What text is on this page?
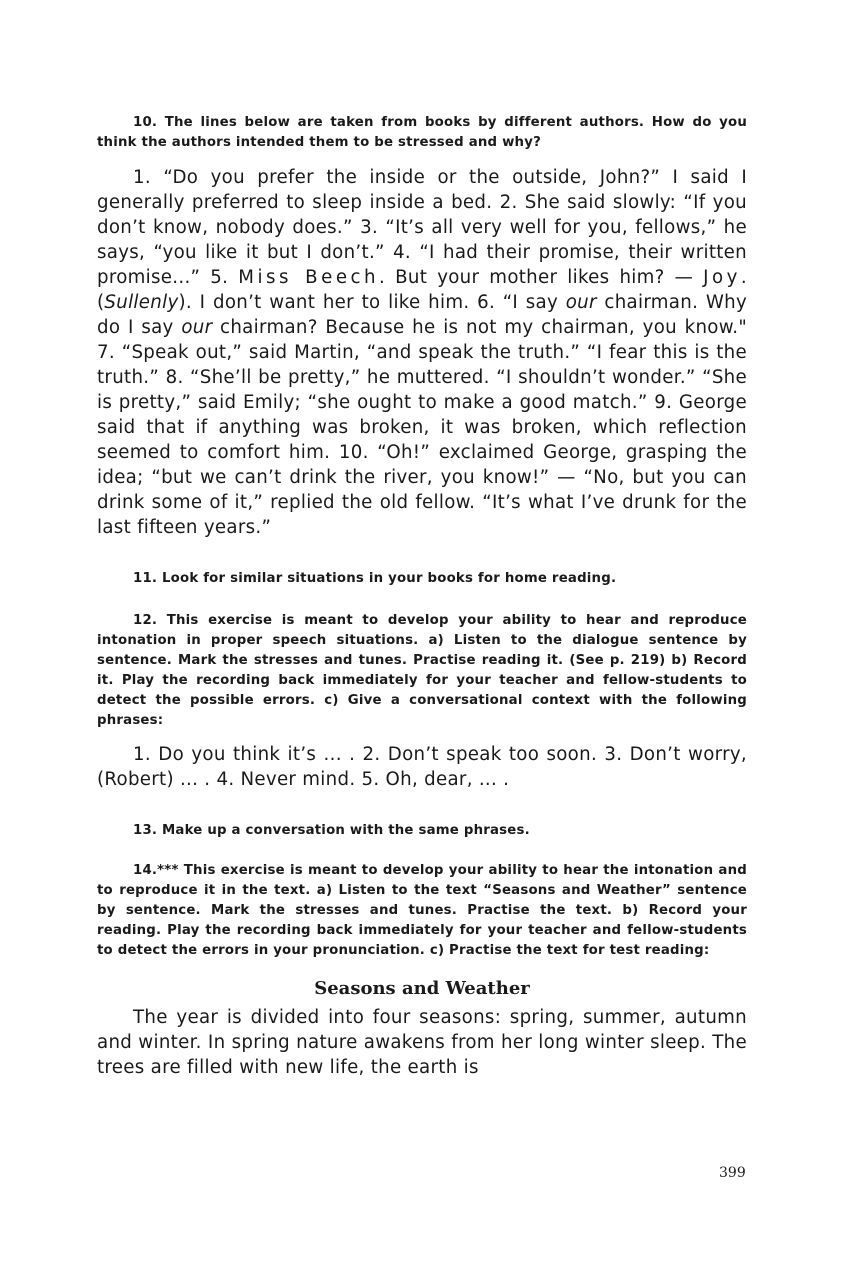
10. The lines below are taken from books by different authors. How do you think the authors intended them to be stressed and why?

1. “Do you prefer the inside or the outside, John?” I said I generally preferred to sleep inside a bed. 2. She said slowly: “If you don’t know, nobody does.” 3. “It’s all very well for you, fellows,” he says, “you like it but I don’t.” 4. “I had their promise, their written promise...” 5. Miss Beech. But your mother likes him? — Joy. (Sullenly). I don’t want her to like him. 6. “I say our chairman. Why do I say our chairman? Because he is not my chairman, you know." 7. “Speak out,” said Martin, “and speak the truth.” “I fear this is the truth.” 8. “She’ll be pretty,” he muttered. “I shouldn’t wonder.” “She is pretty,” said Emily; “she ought to make a good match.” 9. George said that if anything was broken, it was broken, which reflection seemed to comfort him. 10. “Oh!” exclaimed George, grasping the idea; “but we can’t drink the river, you know!” — “No, but you can drink some of it,” replied the old fellow. “It’s what I’ve drunk for the last fifteen years.”

11. Look for similar situations in your books for home reading.

12. This exercise is meant to develop your ability to hear and reproduce intonation in proper speech situations. a) Listen to the dialogue sentence by sentence. Mark the stresses and tunes. Practise reading it. (See p. 219) b) Record it. Play the recording back immediately for your teacher and fellow-students to detect the possible errors. c) Give a conversational context with the following phrases:

1. Do you think it’s ... . 2. Don’t speak too soon. 3. Don’t worry, (Robert) ... . 4. Never mind. 5. Oh, dear, ... .

13. Make up a conversation with the same phrases.

14.*** This exercise is meant to develop your ability to hear the intonation and to reproduce it in the text. a) Listen to the text “Seasons and Weather” sentence by sentence. Mark the stresses and tunes. Practise the text. b) Record your reading. Play the recording back immediately for your teacher and fellow-students to detect the errors in your pronunciation. c) Practise the text for test reading:

Seasons and Weather

The year is divided into four seasons: spring, summer, autumn and winter. In spring nature awakens from her long winter sleep. The trees are filled with new life, the earth is

399
